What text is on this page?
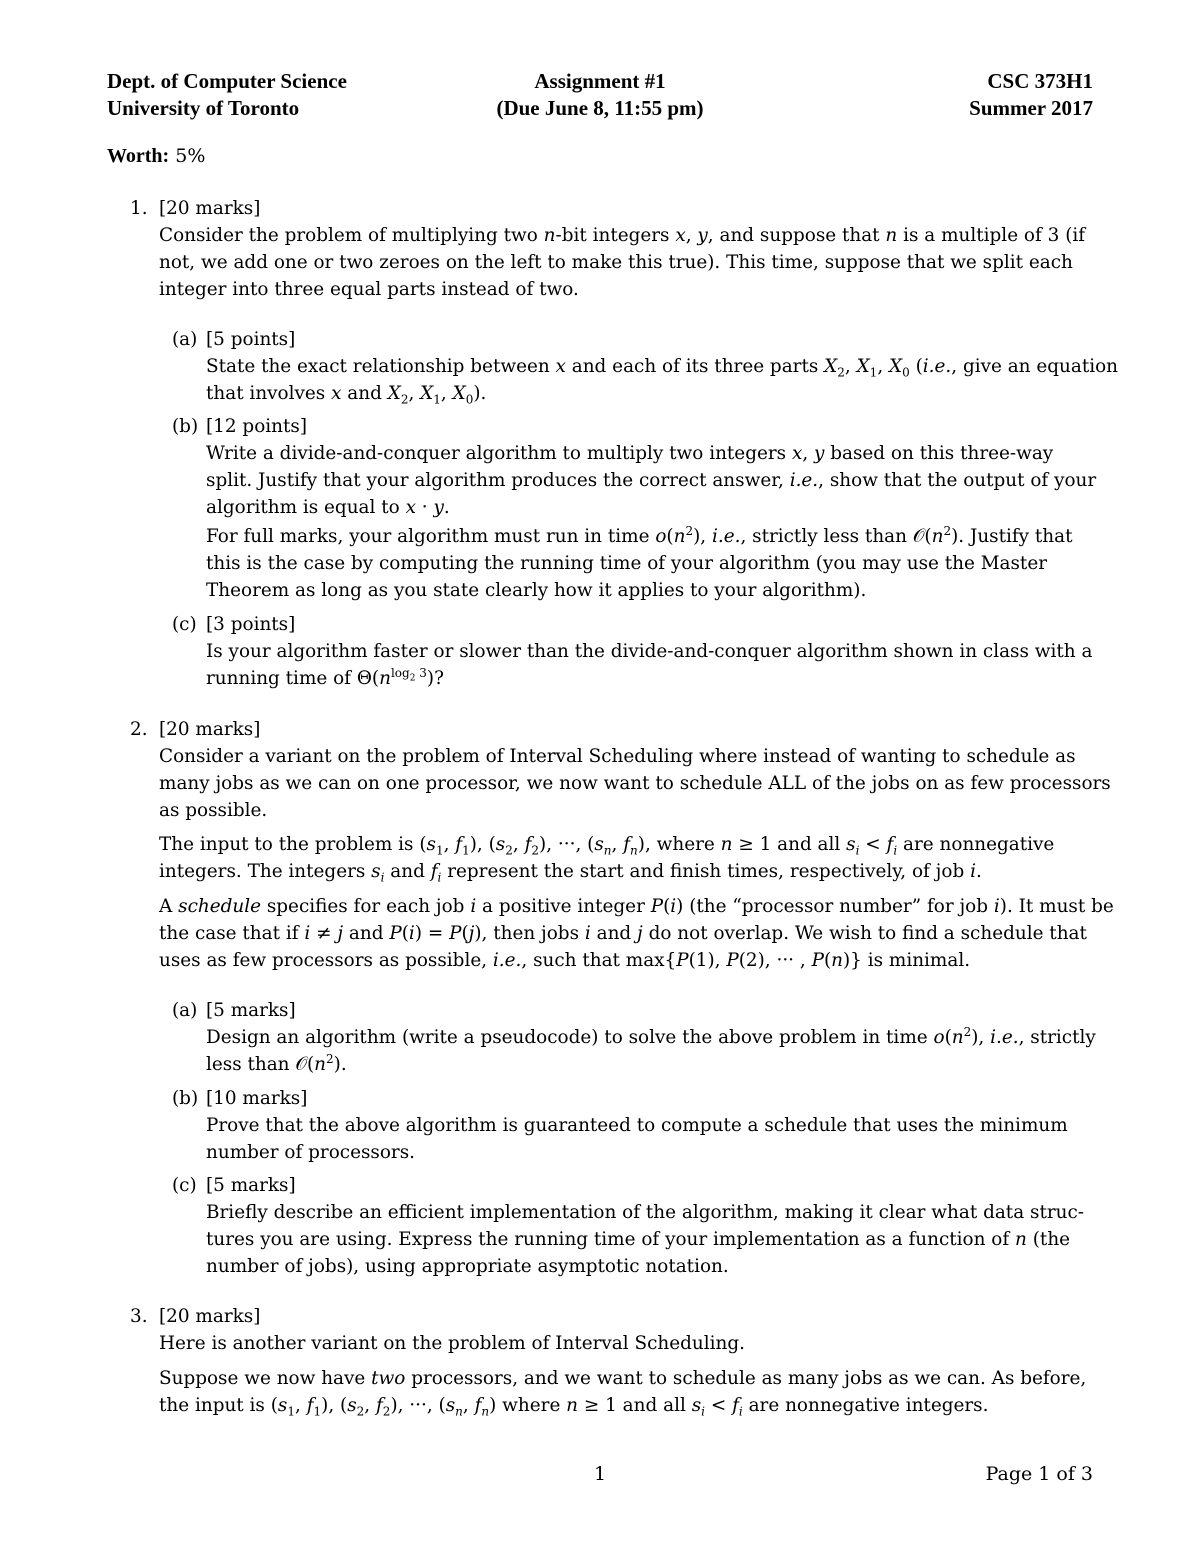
Dept. of Computer Science
University of Toronto
Assignment #1
(Due June 8, 11:55 pm)
CSC 373H1
Summer 2017
Worth: 5%
1. [20 marks]
Consider the problem of multiplying two n-bit integers x, y, and suppose that n is a multiple of 3 (if
not, we add one or two zeroes on the left to make this true). This time, suppose that we split each
integer into three equal parts instead of two.
(a) [5 points]
State the exact relationship between x and each of its three parts $X_2$, $X_1$, $X_0$ (i.e., give an equation
that involves x and $X_2$, $X_1$, $X_0$).
(b) [12 points]
Write a divide-and-conquer algorithm to multiply two integers x, y based on this three-way
split. Justify that your algorithm produces the correct answer, i.e., show that the output of your
algorithm is equal to x · y.
For full marks, your algorithm must run in time $o(n^2)$, i.e., strictly less than $𝒪(n^2)$. Justify that
this is the case by computing the running time of your algorithm (you may use the Master
Theorem as long as you state clearly how it applies to your algorithm).
(c) [3 points]
Is your algorithm faster or slower than the divide-and-conquer algorithm shown in class with a
running time of $\Theta(n^{log_2 3})$?
2. [20 marks]
Consider a variant on the problem of Interval Scheduling where instead of wanting to schedule as
many jobs as we can on one processor, we now want to schedule ALL of the jobs on as few processors
as possible.
The input to the problem is ($s_1$, $f_1$), ($s_2$, $f_2$), ···, ($s_n$, $f_n$), where n ≥ 1 and all $s_i < f_i$ are nonnegative
integers. The integers $s_i$ and $f_i$ represent the start and finish times, respectively, of job i.
A schedule specifies for each job i a positive integer P(i) (the “processor number” for job i). It must be
the case that if i ≠ j and P(i) = P(j), then jobs i and j do not overlap. We wish to find a schedule that
uses as few processors as possible, i.e., such that max{P(1), P(2), ··· , P(n)} is minimal.
(a) [5 marks]
Design an algorithm (write a pseudocode) to solve the above problem in time $o(n^2)$, i.e., strictly
less than $𝒪(n^2)$.
(b) [10 marks]
Prove that the above algorithm is guaranteed to compute a schedule that uses the minimum
number of processors.
(c) [5 marks]
Briefly describe an efficient implementation of the algorithm, making it clear what data struc-
tures you are using. Express the running time of your implementation as a function of n (the
number of jobs), using appropriate asymptotic notation.
3. [20 marks]
Here is another variant on the problem of Interval Scheduling.
Suppose we now have two processors, and we want to schedule as many jobs as we can. As before,
the input is ($s_1$, $f_1$), ($s_2$, $f_2$), ···, ($s_n$, $f_n$) where n ≥ 1 and all $s_i < f_i$ are nonnegative integers.
1	Page 1 of 3
